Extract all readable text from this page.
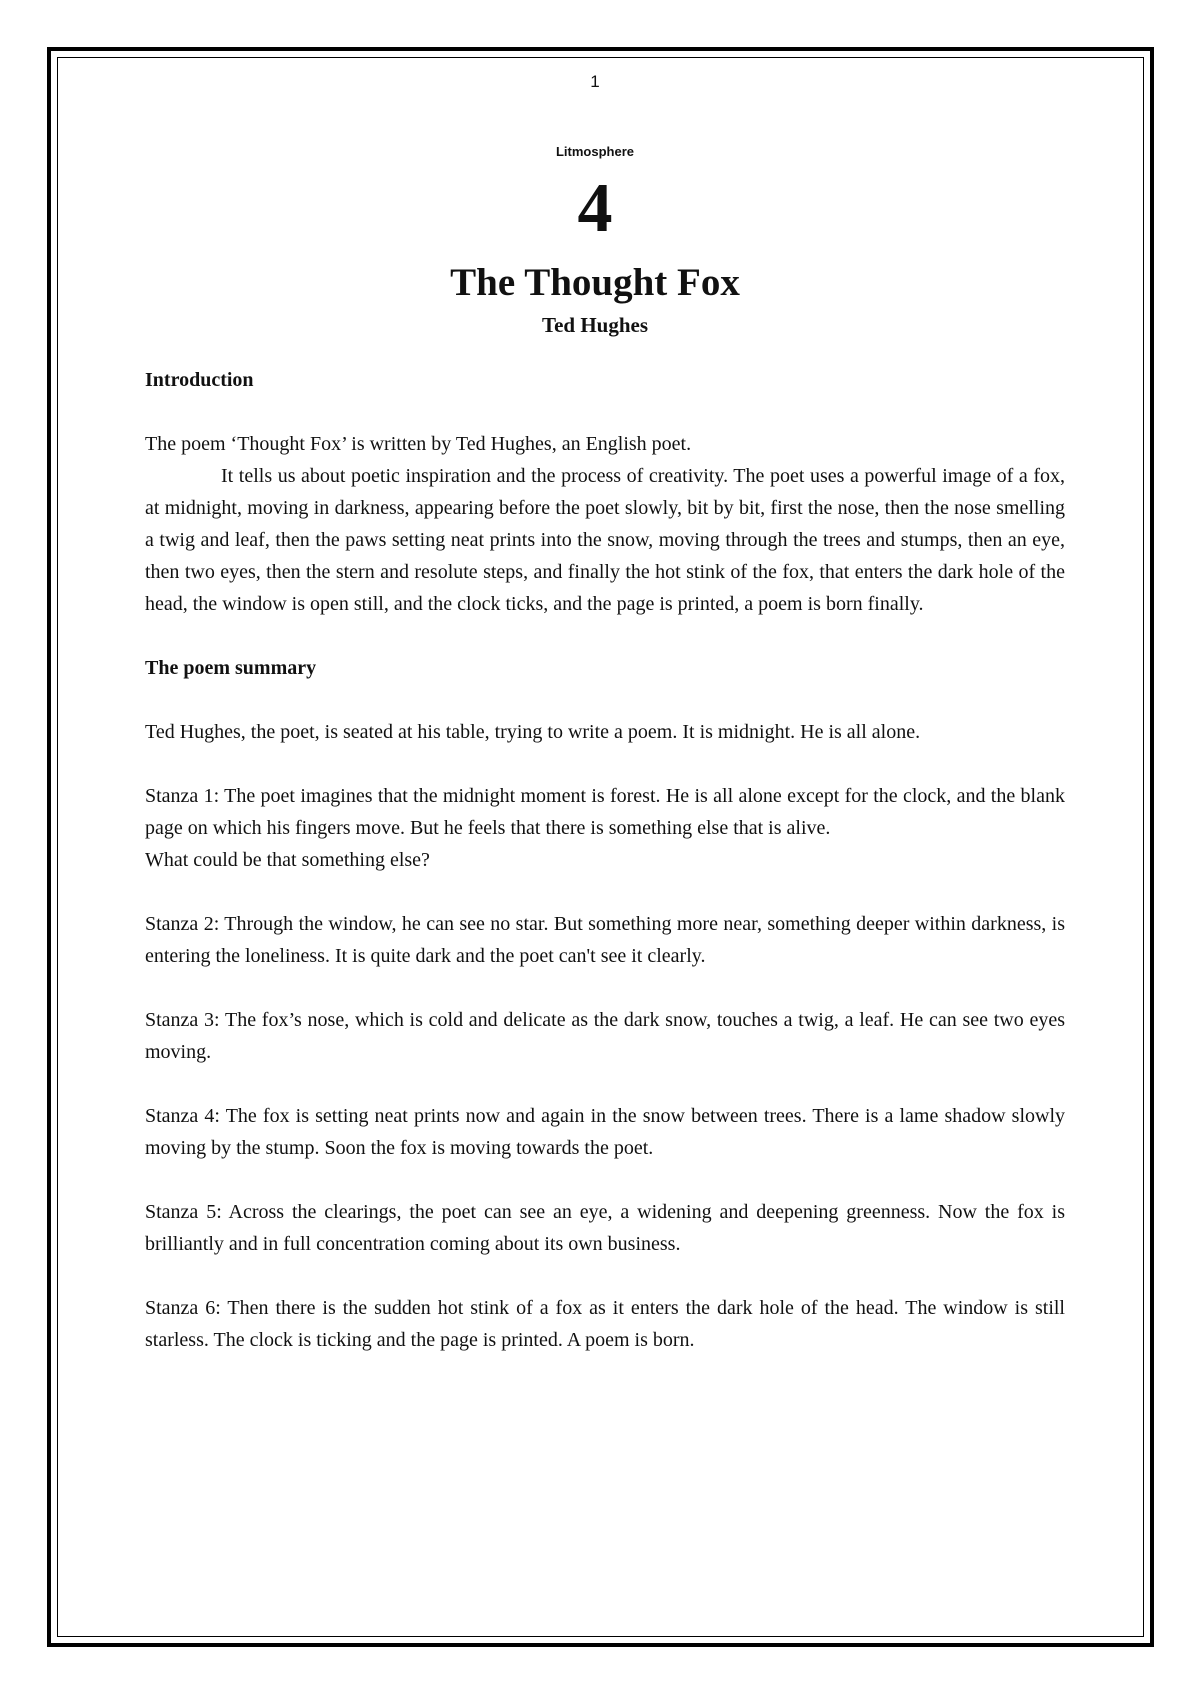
1
Litmosphere
4
The Thought Fox
Ted Hughes
Introduction

The poem ‘Thought Fox’ is written by Ted Hughes, an English poet.

It tells us about poetic inspiration and the process of creativity. The poet uses a powerful image of a fox, at midnight, moving in darkness, appearing before the poet slowly, bit by bit, first the nose, then the nose smelling a twig and leaf, then the paws setting neat prints into the snow, moving through the trees and stumps, then an eye, then two eyes, then the stern and resolute steps, and finally the hot stink of the fox, that enters the dark hole of the head, the window is open still, and the clock ticks, and the page is printed, a poem is born finally.

The poem summary

Ted Hughes, the poet, is seated at his table, trying to write a poem. It is midnight. He is all alone.

Stanza 1: The poet imagines that the midnight moment is forest. He is all alone except for the clock, and the blank page on which his fingers move. But he feels that there is something else that is alive.

What could be that something else?

Stanza 2: Through the window, he can see no star. But something more near, something deeper within darkness, is entering the loneliness. It is quite dark and the poet can't see it clearly.

Stanza 3: The fox’s nose, which is cold and delicate as the dark snow, touches a twig, a leaf. He can see two eyes moving.

Stanza 4: The fox is setting neat prints now and again in the snow between trees. There is a lame shadow slowly moving by the stump. Soon the fox is moving towards the poet.

Stanza 5: Across the clearings, the poet can see an eye, a widening and deepening greenness. Now the fox is brilliantly and in full concentration coming about its own business.

Stanza 6: Then there is the sudden hot stink of a fox as it enters the dark hole of the head. The window is still starless. The clock is ticking and the page is printed. A poem is born.
